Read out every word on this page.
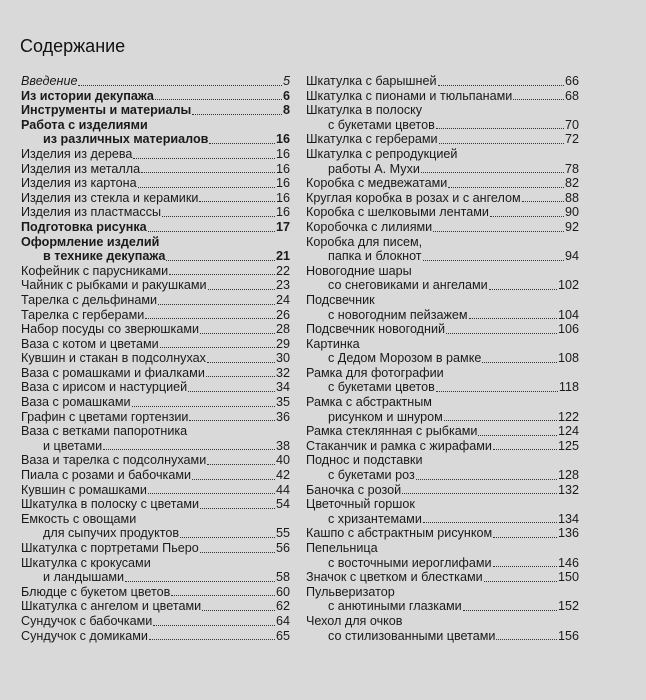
Содержание
Введение	5
Из истории декупажа	6
Инструменты и материалы	8
Работа с изделиями
из различных материалов	16
Изделия из дерева	16
Изделия из металла	16
Изделия из картона	16
Изделия из стекла и керамики	16
Изделия из пластмассы	16
Подготовка рисунка	17
Оформление изделий
в технике декупажа	21
Кофейник с парусниками	22
Чайник с рыбками и ракушками	23
Тарелка с дельфинами	24
Тарелка с герберами	26
Набор посуды со зверюшками	28
Ваза с котом и цветами	29
Кувшин и стакан в подсолнухах	30
Ваза с ромашками и фиалками	32
Ваза с ирисом и настурцией	34
Ваза с ромашками	35
Графин с цветами гортензии	36
Ваза с ветками папоротника
и цветами	38
Ваза и тарелка с подсолнухами	40
Пиала с розами и бабочками	42
Кувшин с ромашками	44
Шкатулка в полоску с цветами	54
Емкость с овощами
для сыпучих продуктов	55
Шкатулка с портретами Пьеро	56
Шкатулка с крокусами
и ландышами	58
Блюдце с букетом цветов	60
Шкатулка с ангелом и цветами	62
Сундучок с бабочками	64
Сундучок с домиками	65
Шкатулка с барышней	66
Шкатулка с пионами и тюльпанами	68
Шкатулка в полоску
с букетами цветов	70
Шкатулка с герберами	72
Шкатулка с репродукцией
работы А. Мухи	78
Коробка с медвежатами	82
Круглая коробка в розах и с ангелом	88
Коробка с шелковыми лентами	90
Коробочка с лилиями	92
Коробка для писем,
папка и блокнот	94
Новогодние шары
со снеговиками и ангелами	102
Подсвечник
с новогодним пейзажем	104
Подсвечник новогодний	106
Картинка
с Дедом Морозом в рамке	108
Рамка для фотографии
с букетами цветов	118
Рамка с абстрактным
рисунком и шнуром	122
Рамка стеклянная с рыбками	124
Стаканчик и рамка с жирафами	125
Поднос и подставки
с букетами роз	128
Баночка с розой	132
Цветочный горшок
с хризантемами	134
Кашпо с абстрактным рисунком	136
Пепельница
с восточными иероглифами	146
Значок с цветком и блестками	150
Пульверизатор
с анютиными глазками	152
Чехол для очков
со стилизованными цветами	156
